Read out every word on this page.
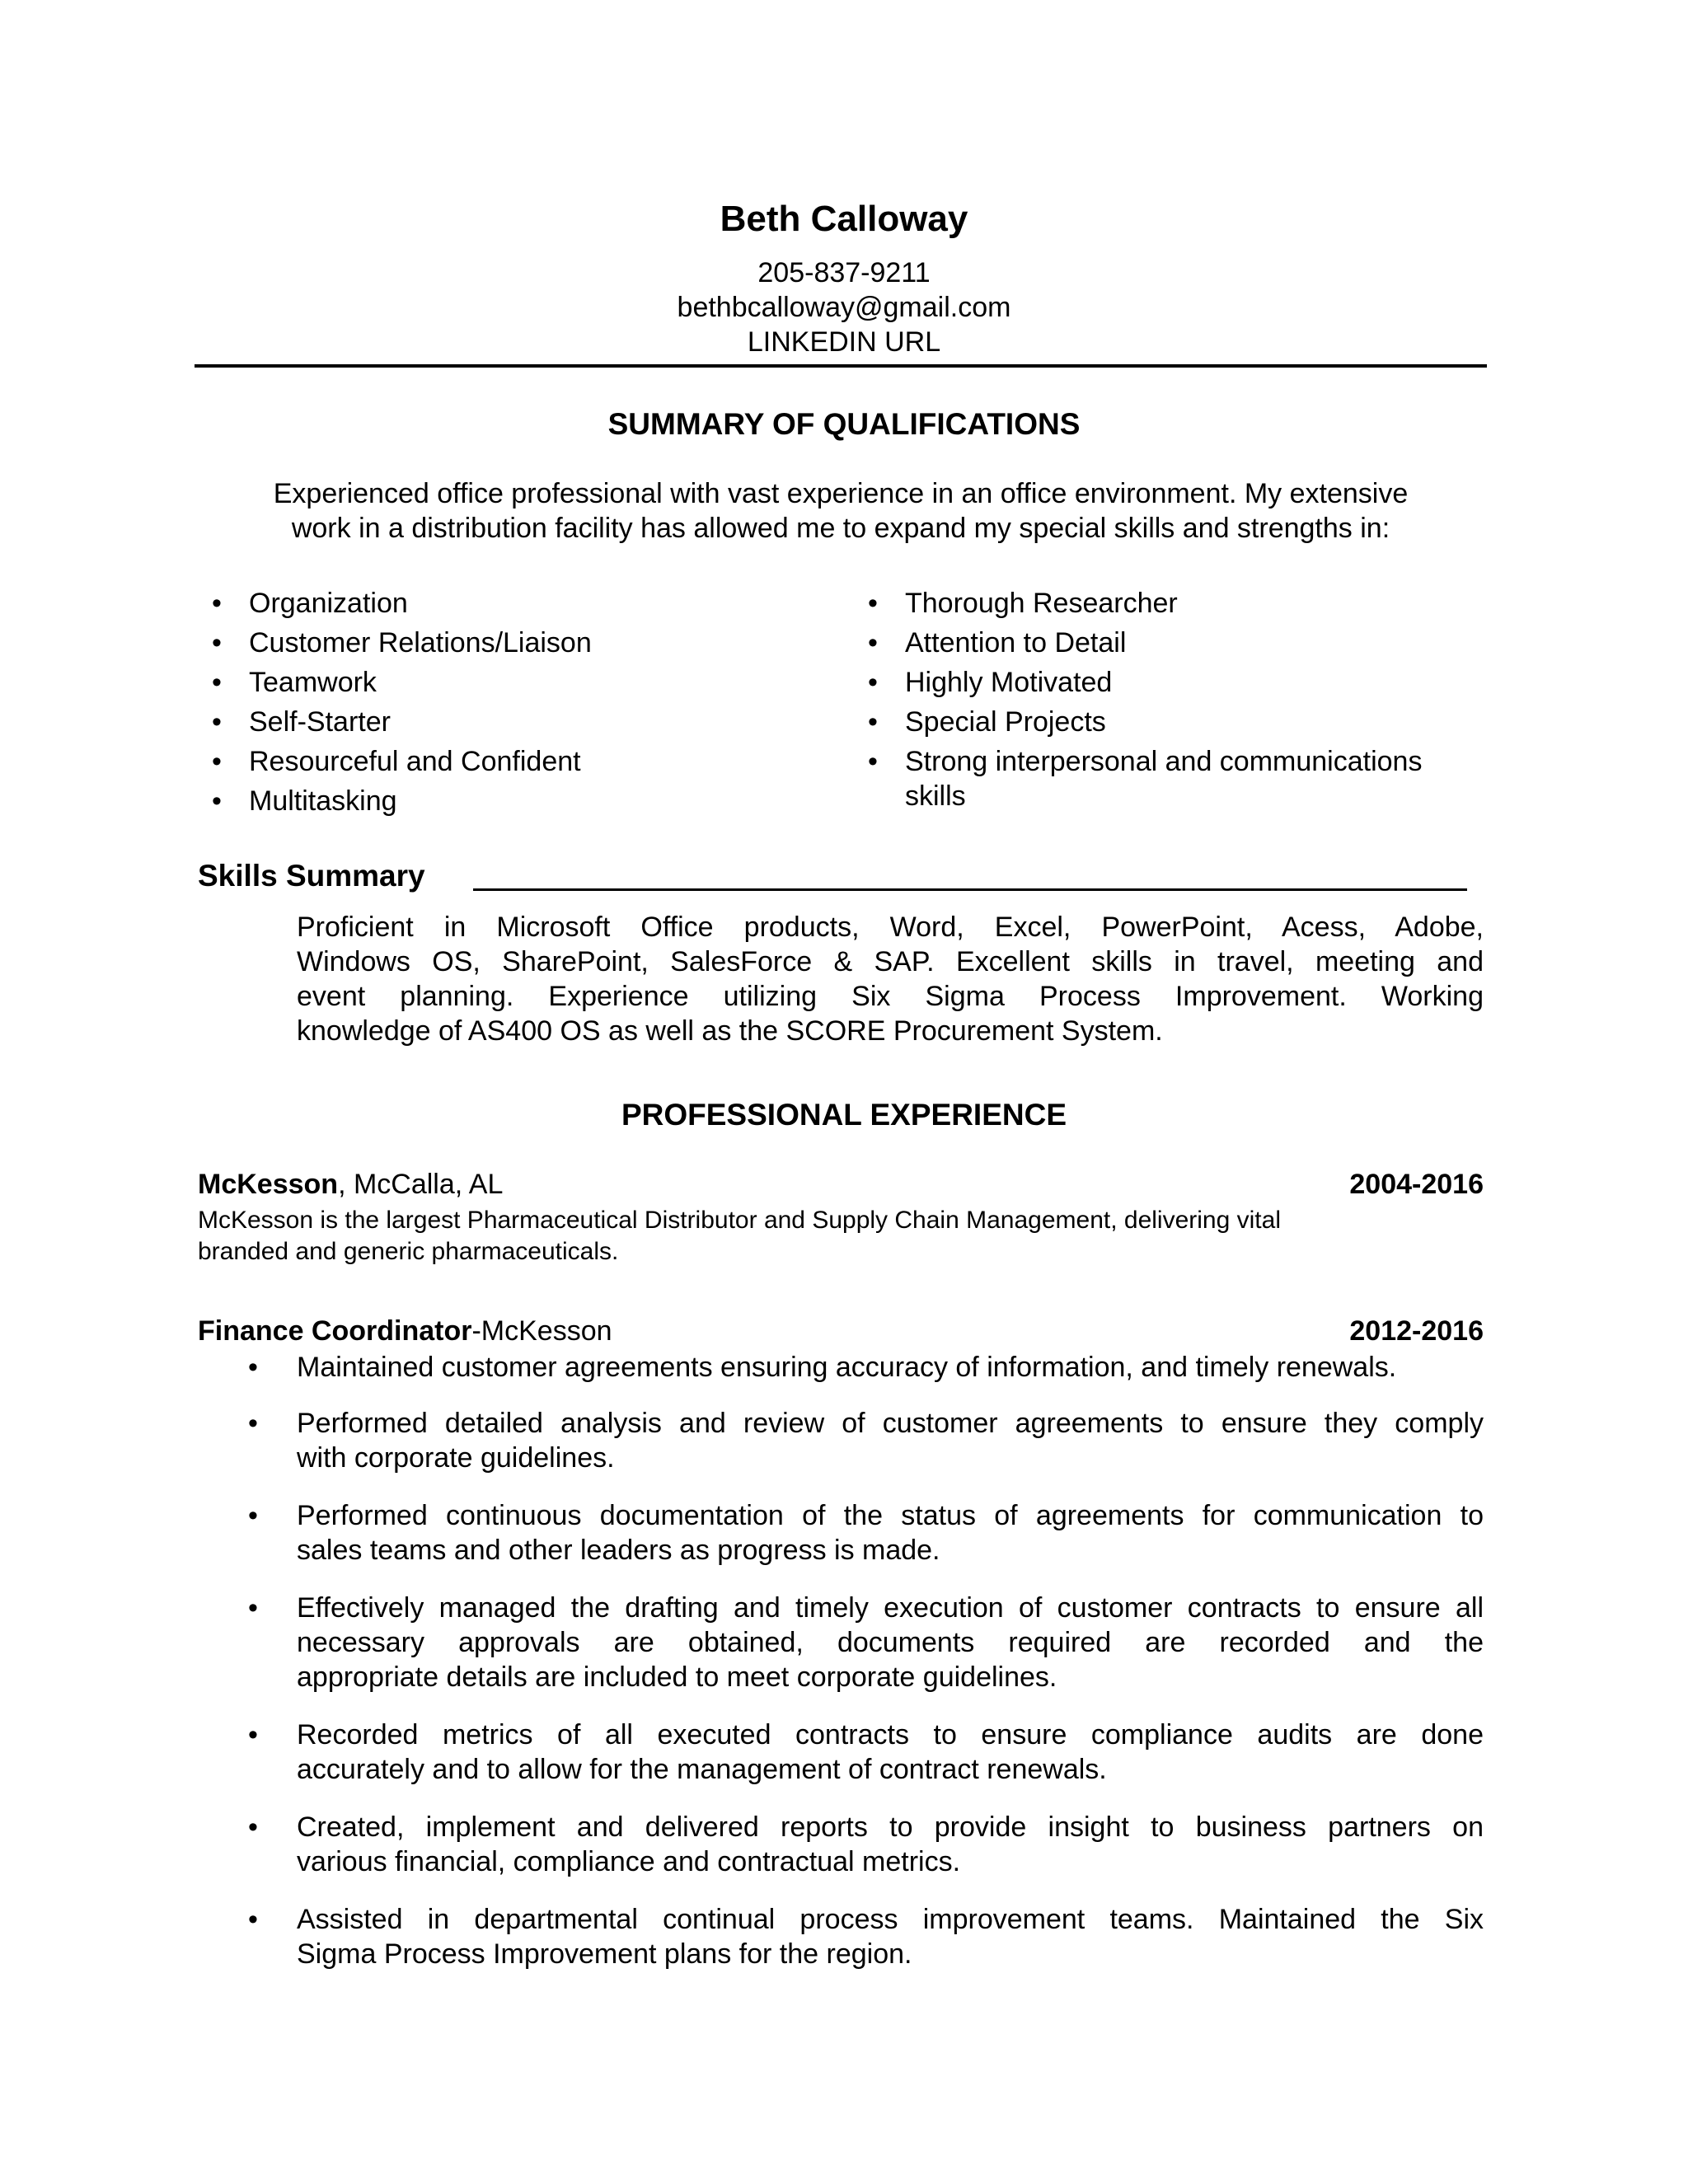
Beth Calloway
205-837-9211
bethbcalloway@gmail.com
LINKEDIN URL
SUMMARY OF QUALIFICATIONS
Experienced office professional with vast experience in an office environment. My extensive
work in a distribution facility has allowed me to expand my special skills and strengths in:
• Organization
• Customer Relations/Liaison
• Teamwork
• Self-Starter
• Resourceful and Confident
• Multitasking
• Thorough Researcher
• Attention to Detail
• Highly Motivated
• Special Projects
• Strong interpersonal and communications
skills
Skills Summary
Proficient in Microsoft Office products, Word, Excel, PowerPoint, Acess, Adobe,
Windows OS, SharePoint, SalesForce & SAP. Excellent skills in travel, meeting and
event planning. Experience utilizing Six Sigma Process Improvement. Working
knowledge of AS400 OS as well as the SCORE Procurement System.
PROFESSIONAL EXPERIENCE
McKesson, McCalla, AL	2004-2016
McKesson is the largest Pharmaceutical Distributor and Supply Chain Management, delivering vital
branded and generic pharmaceuticals.
Finance Coordinator-McKesson	2012-2016
• Maintained customer agreements ensuring accuracy of information, and timely renewals.
• Performed detailed analysis and review of customer agreements to ensure they comply
with corporate guidelines.
• Performed continuous documentation of the status of agreements for communication to
sales teams and other leaders as progress is made.
• Effectively managed the drafting and timely execution of customer contracts to ensure all
necessary approvals are obtained, documents required are recorded and the
appropriate details are included to meet corporate guidelines.
• Recorded metrics of all executed contracts to ensure compliance audits are done
accurately and to allow for the management of contract renewals.
• Created, implement and delivered reports to provide insight to business partners on
various financial, compliance and contractual metrics.
• Assisted in departmental continual process improvement teams. Maintained the Six
Sigma Process Improvement plans for the region.
